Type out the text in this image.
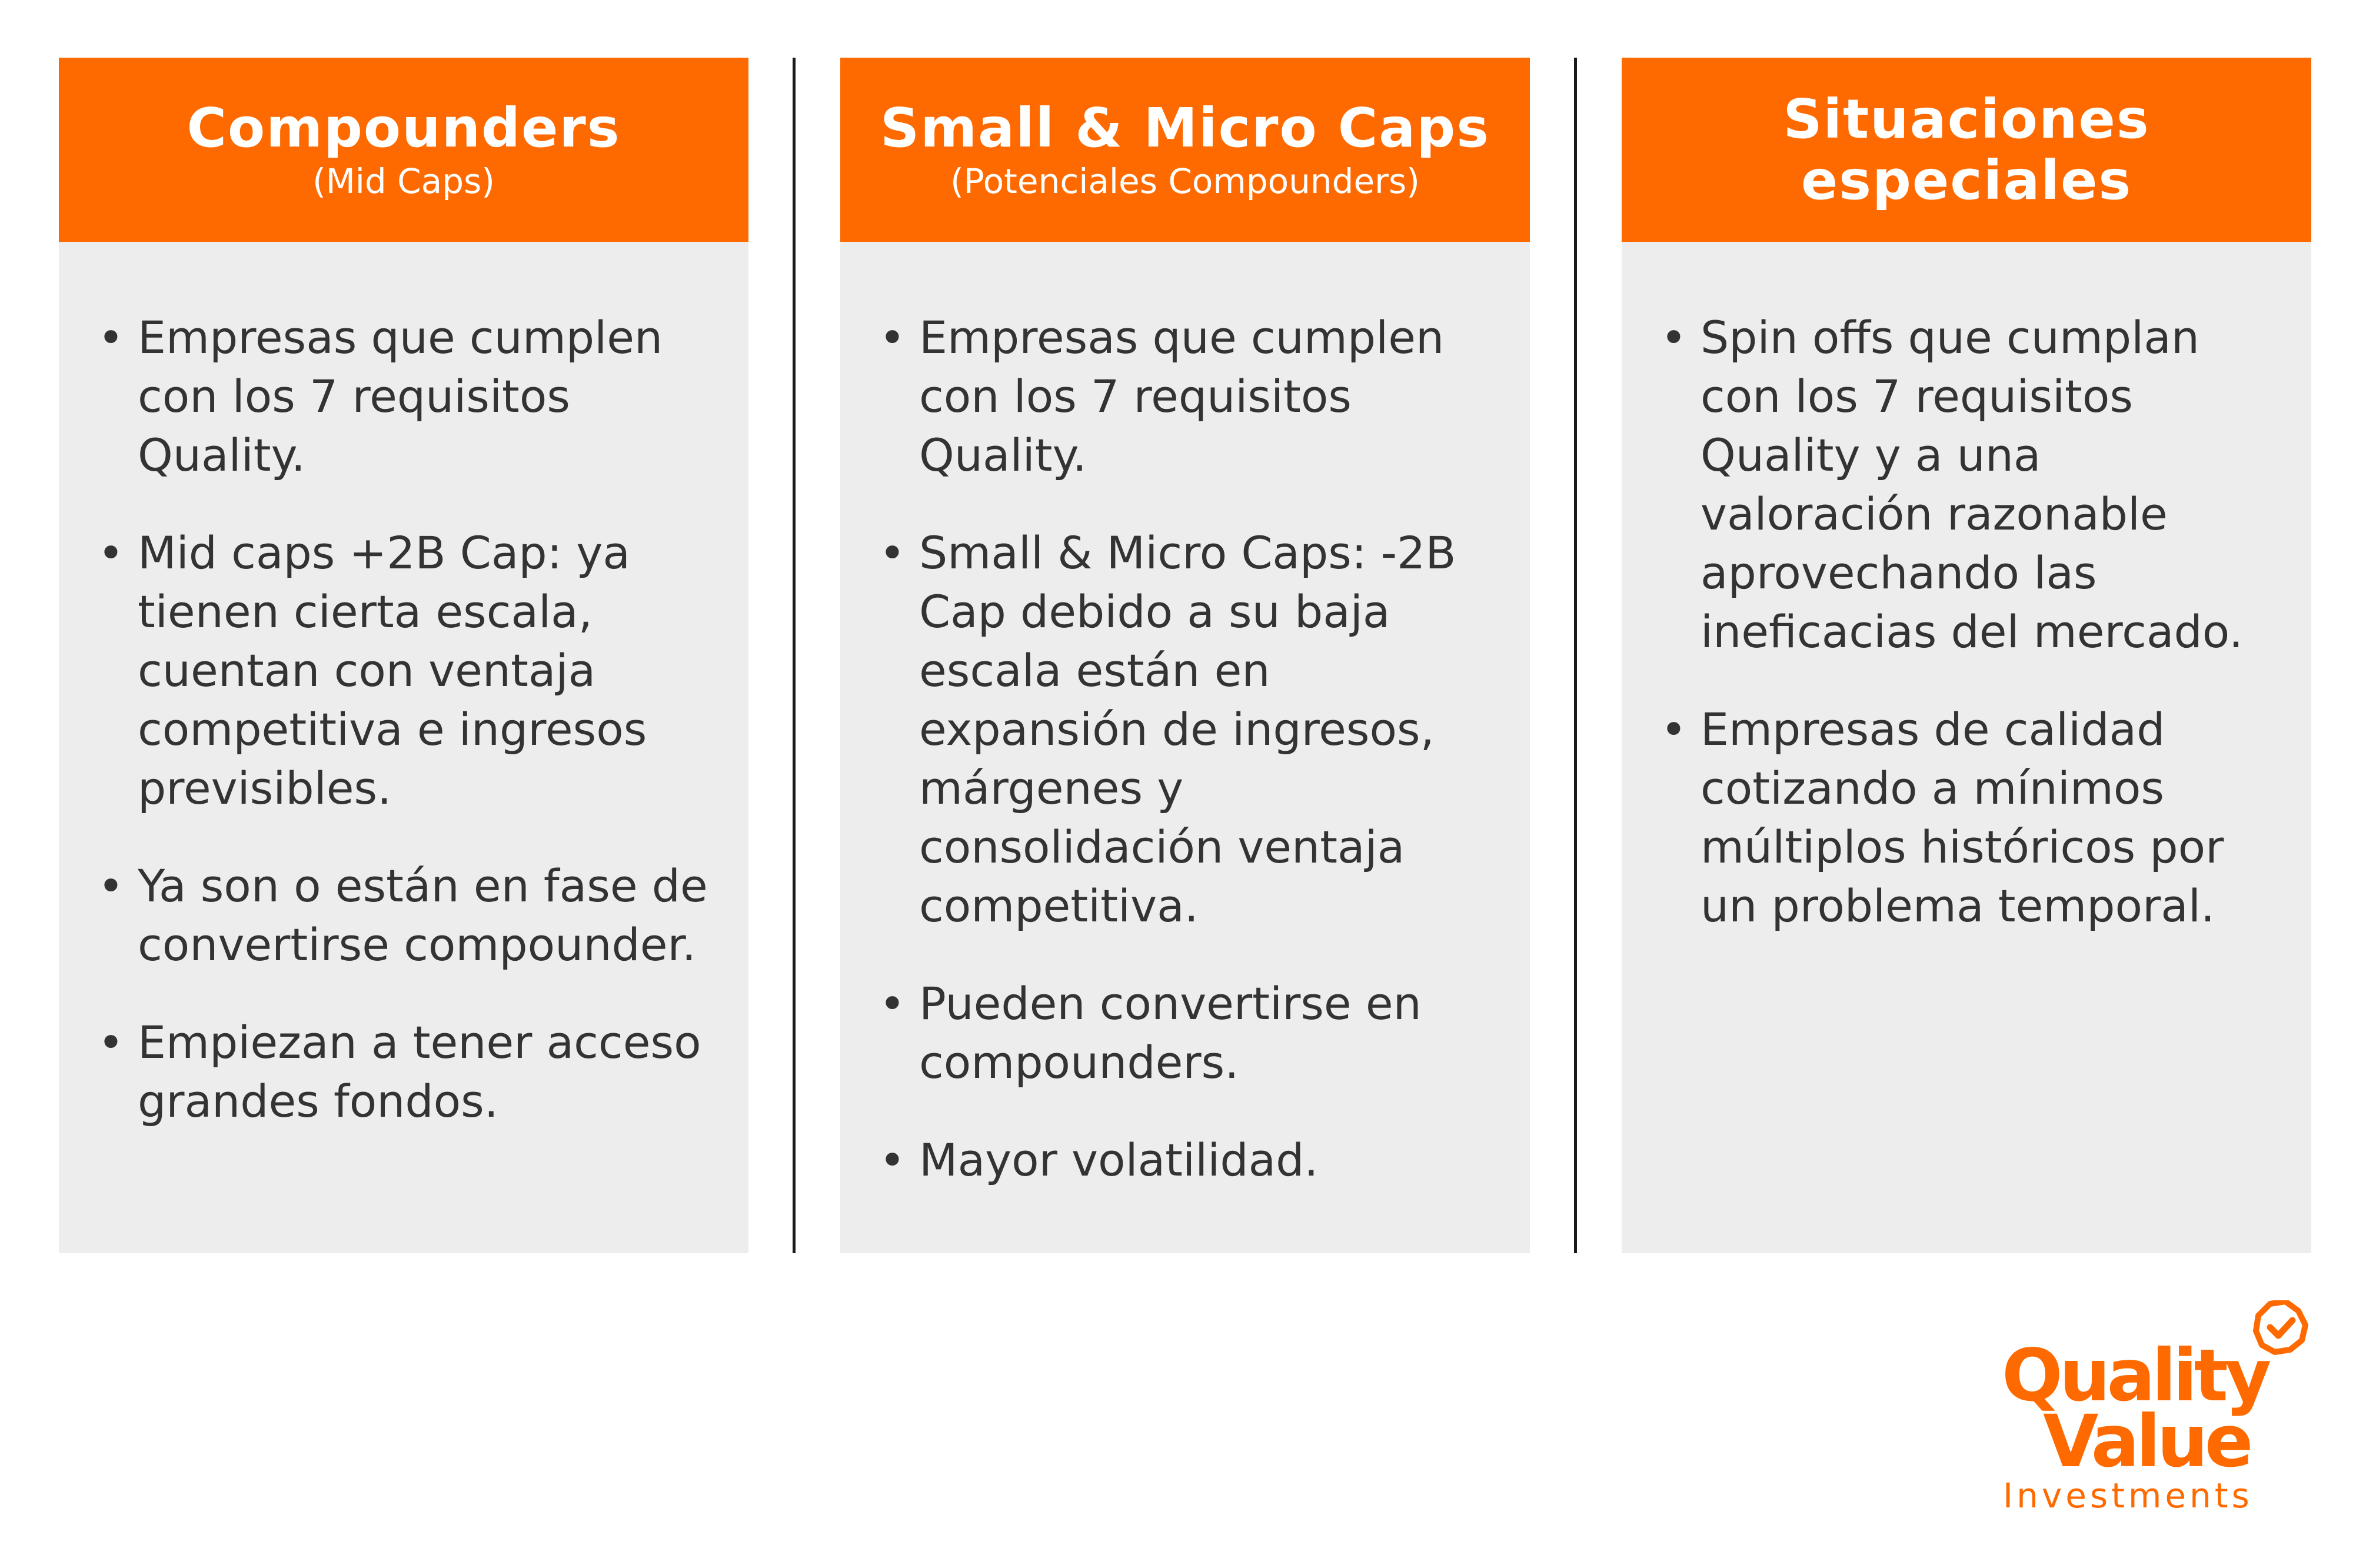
Compounders
(Mid Caps)
• Empresas que cumplen con los 7 requisitos Quality.
• Mid caps +2B Cap: ya tienen cierta escala, cuentan con ventaja competitiva e ingresos previsibles.
• Ya son o están en fase de convertirse compounder.
• Empiezan a tener acceso grandes fondos.
Small & Micro Caps
(Potenciales Compounders)
• Empresas que cumplen con los 7 requisitos Quality.
• Small & Micro Caps: -2B Cap debido a su baja escala están en expansión de ingresos, márgenes y consolidación ventaja competitiva.
• Pueden convertirse en compounders.
• Mayor volatilidad.
Situaciones especiales
• Spin offs que cumplan con los 7 requisitos Quality y a una valoración razonable aprovechando las ineficacias del mercado.
• Empresas de calidad cotizando a mínimos múltiplos históricos por un problema temporal.
Quality
Value
Investments
